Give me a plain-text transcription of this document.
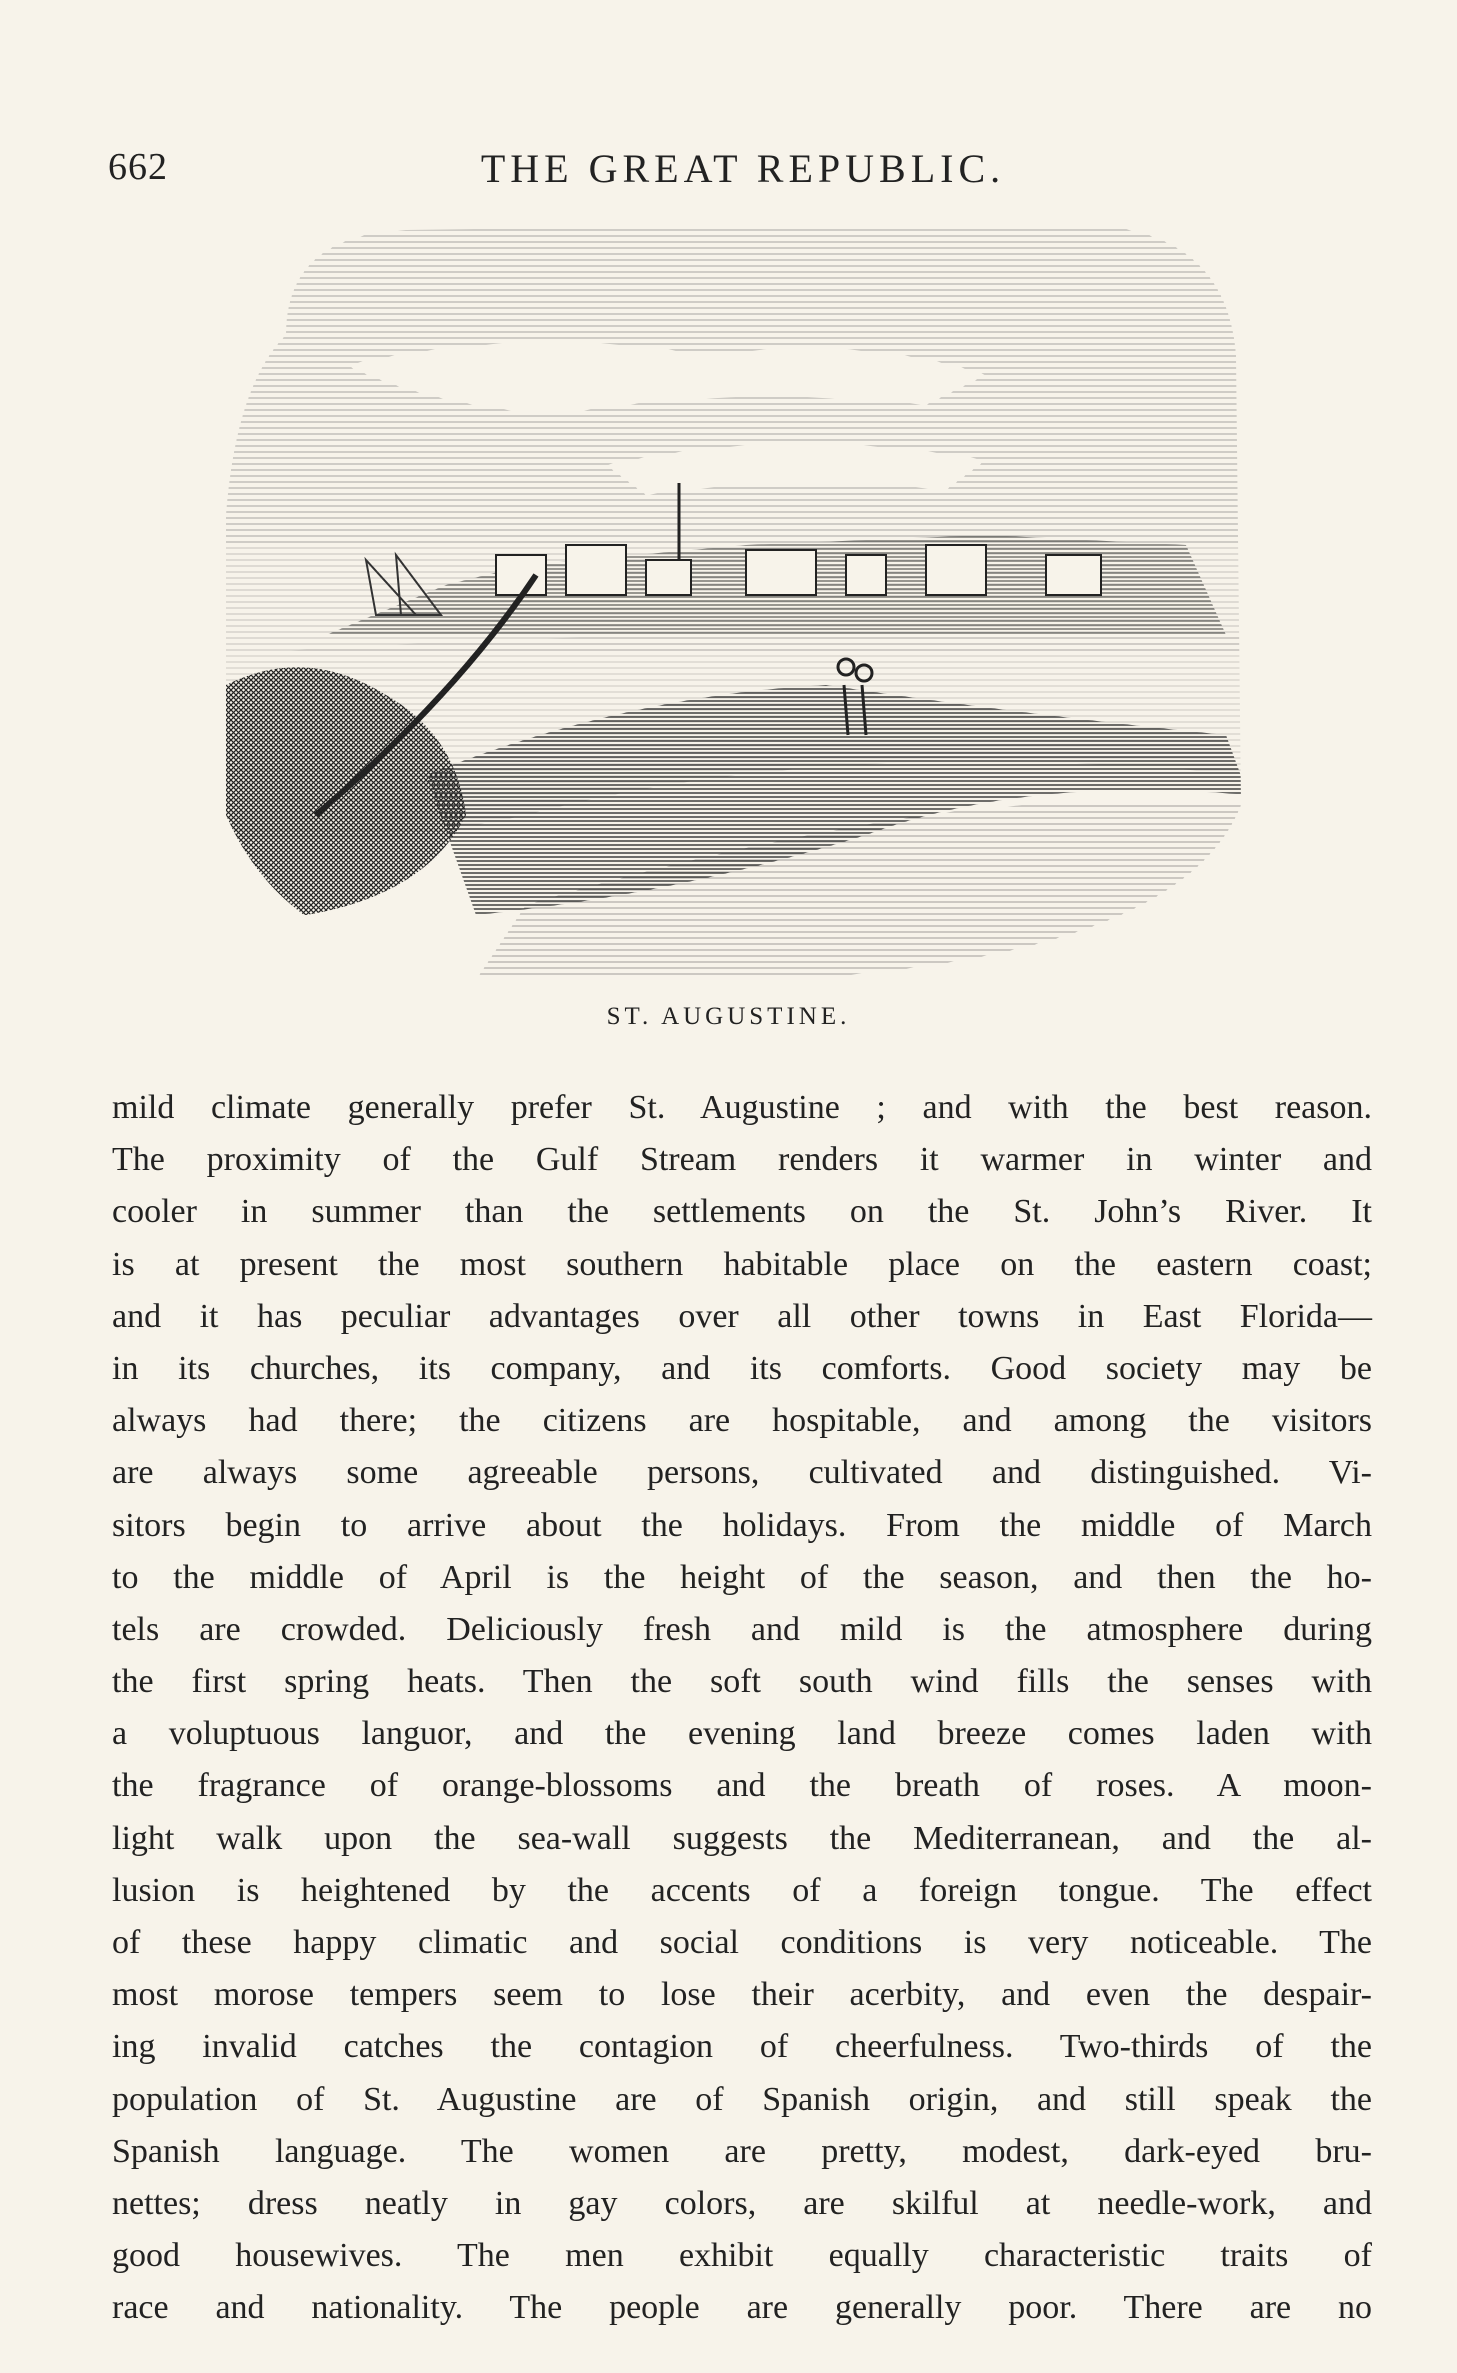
662	THE GREAT REPUBLIC.
ST. AUGUSTINE.
mild climate generally prefer St. Augustine ; and with the best reason.
The proximity of the Gulf Stream renders it warmer in winter and
cooler in summer than the settlements on the St. John’s River. It
is at present the most southern habitable place on the eastern coast;
and it has peculiar advantages over all other towns in East Florida—
in its churches, its company, and its comforts. Good society may be
always had there; the citizens are hospitable, and among the visitors
are always some agreeable persons, cultivated and distinguished. Vi-
sitors begin to arrive about the holidays. From the middle of March
to the middle of April is the height of the season, and then the ho-
tels are crowded. Deliciously fresh and mild is the atmosphere during
the first spring heats. Then the soft south wind fills the senses with
a voluptuous languor, and the evening land breeze comes laden with
the fragrance of orange-blossoms and the breath of roses. A moon-
light walk upon the sea-wall suggests the Mediterranean, and the al-
lusion is heightened by the accents of a foreign tongue. The effect
of these happy climatic and social conditions is very noticeable. The
most morose tempers seem to lose their acerbity, and even the despair-
ing invalid catches the contagion of cheerfulness. Two-thirds of the
population of St. Augustine are of Spanish origin, and still speak the
Spanish language. The women are pretty, modest, dark-eyed bru-
nettes; dress neatly in gay colors, are skilful at needle-work, and
good housewives. The men exhibit equally characteristic traits of
race and nationality. The people are generally poor. There are no
